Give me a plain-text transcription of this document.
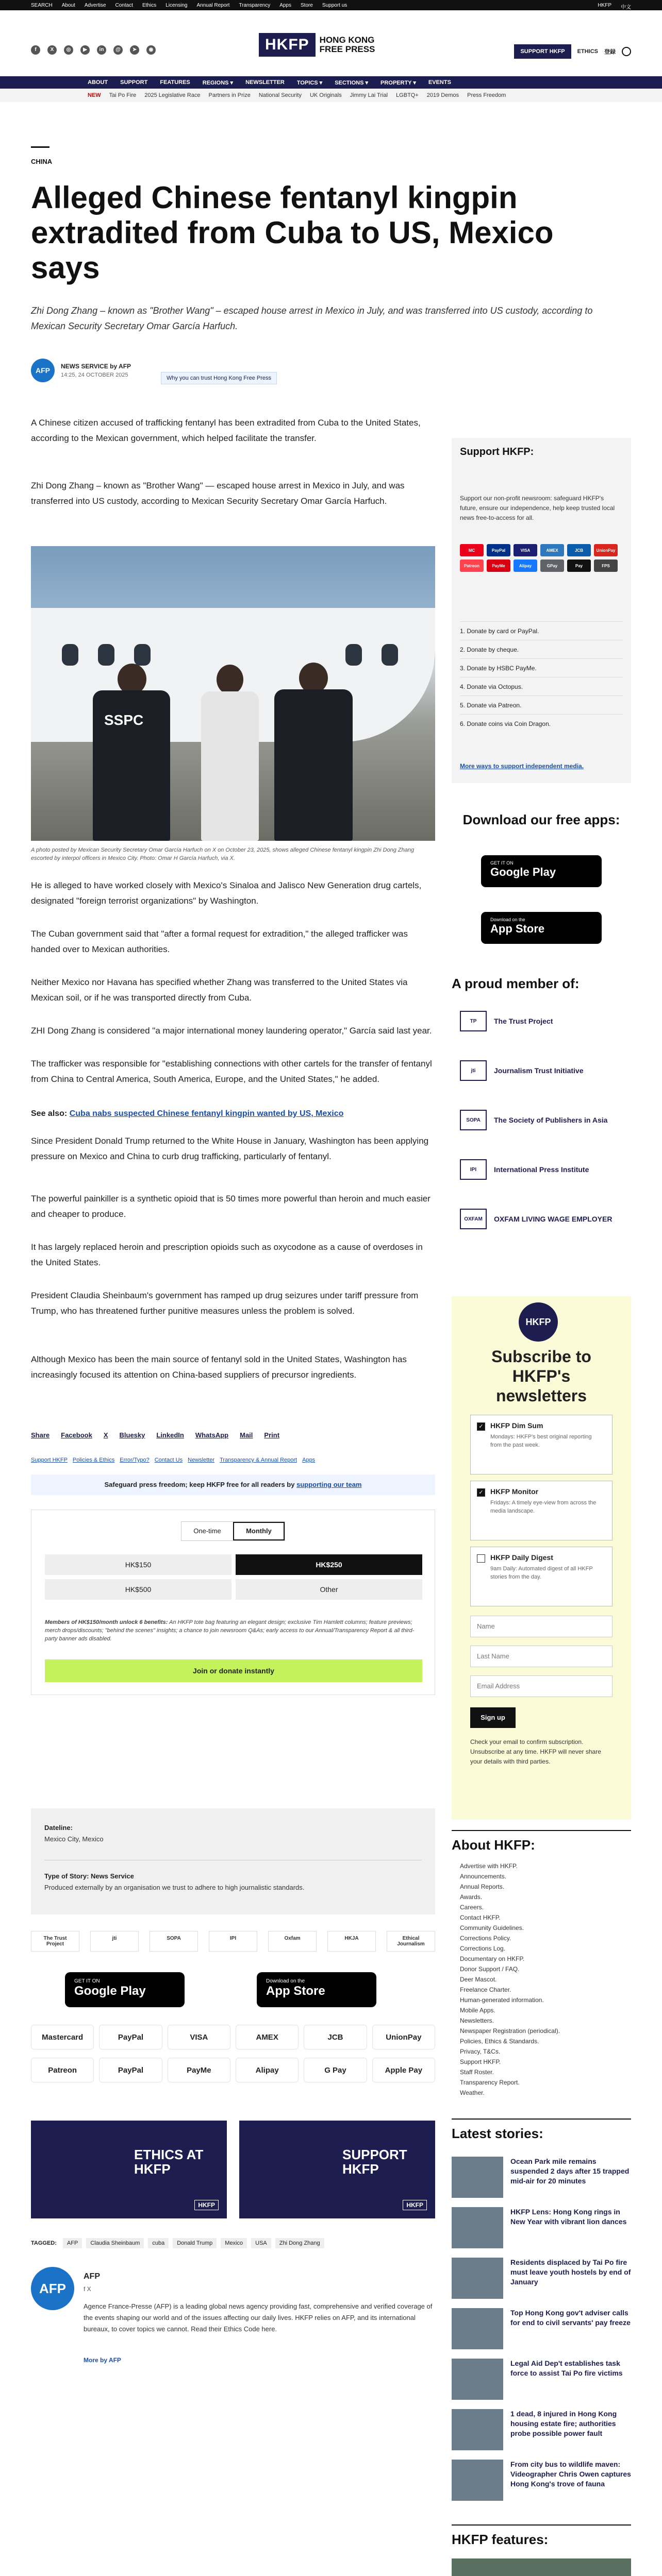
SEARCH About Advertise Contact Ethics Licensing Annual Report Transparency Apps Store Support us	HKFP 中文
f	X	◎	▶	in	@	➤	◉	HKFP	HONG KONG
FREE PRESS	SUPPORT HKFP	ETHICS 登録
ABOUT SUPPORT FEATURES REGIONS ▾ NEWSLETTER TOPICS ▾ SECTIONS ▾ PROPERTY ▾ EVENTS
NEW Tai Po Fire 2025 Legislative Race Partners in Prize National Security UK Originals Jimmy Lai Trial LGBTQ+ 2019 Demos Press Freedom
CHINA
Alleged Chinese fentanyl kingpin extradited from Cuba to US, Mexico says
Zhi Dong Zhang – known as "Brother Wang" – escaped house arrest in Mexico in July, and was transferred into US custody, according to Mexican Security Secretary Omar García Harfuch.
AFP	NEWS SERVICE by AFP
14:25, 24 OCTOBER 2025	Why you can trust Hong Kong Free Press
A Chinese citizen accused of trafficking fentanyl has been extradited from Cuba to the United States, according to the Mexican government, which helped facilitate the transfer.
Zhi Dong Zhang – known as "Brother Wang" — escaped house arrest in Mexico in July, and was transferred into US custody, according to Mexican Security Secretary Omar García Harfuch.
SSPC
A photo posted by Mexican Security Secretary Omar García Harfuch on X on October 23, 2025, shows alleged Chinese fentanyl kingpin Zhi Dong Zhang escorted by interpol officers in Mexico City. Photo: Omar H García Harfuch, via X.
He is alleged to have worked closely with Mexico's Sinaloa and Jalisco New Generation drug cartels, designated "foreign terrorist organizations" by Washington.
The Cuban government said that "after a formal request for extradition," the alleged trafficker was handed over to Mexican authorities.
Neither Mexico nor Havana has specified whether Zhang was transferred to the United States via Mexican soil, or if he was transported directly from Cuba.
ZHI Dong Zhang is considered "a major international money laundering operator," García said last year.
The trafficker was responsible for "establishing connections with other cartels for the transfer of fentanyl from China to Central America, South America, Europe, and the United States," he added.
See also: Cuba nabs suspected Chinese fentanyl kingpin wanted by US, Mexico
Since President Donald Trump returned to the White House in January, Washington has been applying pressure on Mexico and China to curb drug trafficking, particularly of fentanyl.
The powerful painkiller is a synthetic opioid that is 50 times more powerful than heroin and much easier and cheaper to produce.
It has largely replaced heroin and prescription opioids such as oxycodone as a cause of overdoses in the United States.
President Claudia Sheinbaum's government has ramped up drug seizures under tariff pressure from Trump, who has threatened further punitive measures unless the problem is solved.
Although Mexico has been the main source of fentanyl sold in the United States, Washington has increasingly focused its attention on China-based suppliers of precursor ingredients.
Share Facebook X Bluesky LinkedIn WhatsApp Mail Print
Support HKFP Policies & Ethics Error/Typo? Contact Us Newsletter Transparency & Annual Report Apps
Safeguard press freedom; keep HKFP free for all readers by supporting our team
One-time	Monthly
HK$150	HK$250
HK$500	Other
Members of HK$150/month unlock 6 benefits: An HKFP tote bag featuring an elegant design; exclusive Tim Hamlett columns; feature previews; merch drops/discounts; "behind the scenes" insights; a chance to join newsroom Q&As; early access to our Annual/Transparency Report & all third-party banner ads disabled.
Join or donate instantly
Dateline:
Mexico City, Mexico
Type of Story: News Service
Produced externally by an organisation we trust to adhere to high journalistic standards.
The Trust Project
jti	SOPA	IPI	Oxfam	HKJA	Ethical Journalism
GET IT ON
Google Play
Download on the
App Store
Mastercard	PayPal	VISA	AMEX	JCB	UnionPay
Patreon	PayPal	PayMe	Alipay	G Pay	Apple Pay
ETHICS AT HKFP
HKFP
SUPPORT HKFP
HKFP
TAGGED:	AFP	Claudia Sheinbaum	cuba	Donald Trump	Mexico	USA	Zhi Dong Zhang
AFP
AFP
f X
Agence France-Presse (AFP) is a leading global news agency providing fast, comprehensive and verified coverage of the events shaping our world and of the issues affecting our daily lives. HKFP relies on AFP, and its international bureaux, to cover topics we cannot. Read their Ethics Code here.
More by AFP
Support HKFP:
Support our non-profit newsroom: safeguard HKFP's future, ensure our independence, help keep trusted local news free-to-access for all.
MC	PayPal	VISA	AMEX	JCB	UnionPay
Patreon	PayMe	Alipay	GPay	Pay	FPS
1. Donate by card or PayPal.
2. Donate by cheque.
3. Donate by HSBC PayMe.
4. Donate via Octopus.
5. Donate via Patreon.
6. Donate coins via Coin Dragon.
More ways to support independent media.
Download our free apps:
GET IT ON
Google Play
Download on the
App Store
A proud member of:
TP	The Trust Project
jti	Journalism Trust Initiative
SOPA	The Society of Publishers in Asia
IPI	International Press Institute
OXFAM	OXFAM LIVING WAGE EMPLOYER
HKFP
Subscribe to HKFP's newsletters
✓ HKFP Dim Sum
Mondays: HKFP's best original reporting from the past week.
✓ HKFP Monitor
Fridays: A timely eye-view from across the media landscape.
HKFP Daily Digest
9am Daily: Automated digest of all HKFP stories from the day.
Name
Last Name
Email Address
Sign up
Check your email to confirm subscription. Unsubscribe at any time. HKFP will never share your details with third parties.
About HKFP:
Advertise with HKFP.
Announcements.
Annual Reports.
Awards.
Careers.
Contact HKFP.
Community Guidelines.
Corrections Policy.
Corrections Log.
Documentary on HKFP.
Donor Support / FAQ.
Deer Mascot.
Freelance Charter.
Human-generated information.
Mobile Apps.
Newsletters.
Newspaper Registration (periodical).
Policies, Ethics & Standards.
Privacy, T&Cs.
Support HKFP.
Staff Roster.
Transparency Report.
Weather.
Latest stories:
Ocean Park mile remains suspended 2 days after 15 trapped mid-air for 20 minutes
HKFP Lens: Hong Kong rings in New Year with vibrant lion dances
Residents displaced by Tai Po fire must leave youth hostels by end of January
Top Hong Kong gov't adviser calls for end to civil servants' pay freeze
Legal Aid Dep't establishes task force to assist Tai Po fire victims
1 dead, 8 injured in Hong Kong housing estate fire; authorities probe possible power fault
From city bus to wildlife maven: Videographer Chris Owen captures Hong Kong's trove of fauna
HKFP features:
